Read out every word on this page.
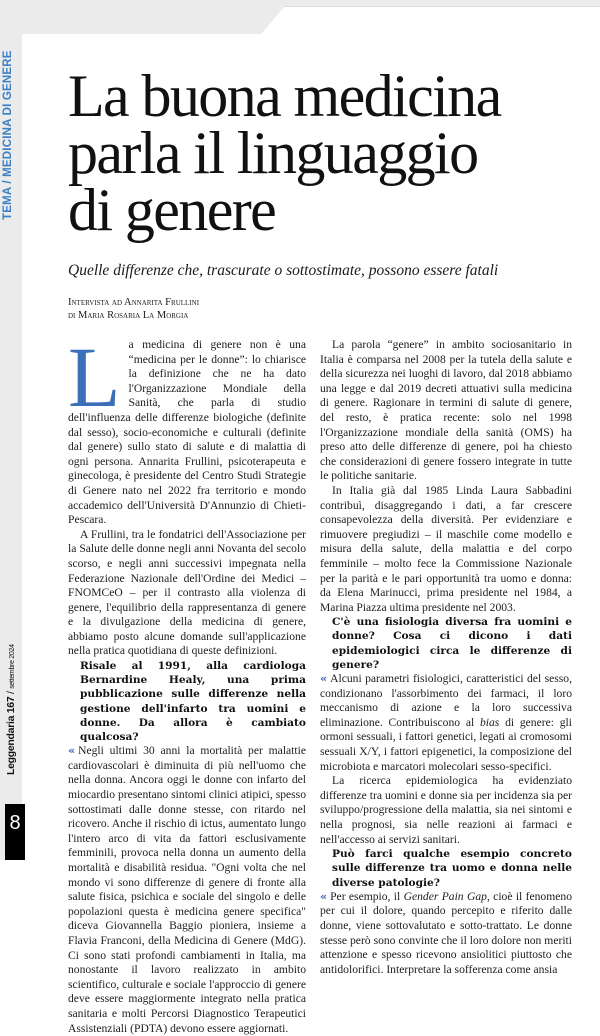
TEMA / MEDICINA DI GENERE
Leggendaria 167 / settembre 2024
8
La buona medicina
parla il linguaggio
di genere

Quelle differenze che, trascurate o sottostimate, possono essere fatali

Intervista ad Annarita Frullini
di Maria Rosaria La Morgia

La medicina di genere non è una “medicina per le donne”: lo chiarisce la definizione che ne ha dato l'Organizzazione Mondiale della Sanità, che parla di studio dell'influenza delle differenze biologiche (definite dal sesso), socio-economiche e culturali (definite dal genere) sullo stato di salute e di malattia di ogni persona. Annarita Frullini, psicoterapeuta e ginecologa, è presidente del Centro Studi Strategie di Genere nato nel 2022 fra territorio e mondo accademico dell'Università D'Annunzio di Chieti-Pescara.

A Frullini, tra le fondatrici dell'Associazione per la Salute delle donne negli anni Novanta del secolo scorso, e negli anni successivi impegnata nella Federazione Nazionale dell'Ordine dei Medici – FNOMCeO – per il contrasto alla violenza di genere, l'equilibrio della rappresentanza di genere e la divulgazione della medicina di genere, abbiamo posto alcune domande sull'applicazione nella pratica quotidiana di queste definizioni.

Risale al 1991, alla cardiologa Bernardine Healy, una prima pubblicazione sulle differenze nella gestione dell'infarto tra uomini e donne. Da allora è cambiato qualcosa?

« Negli ultimi 30 anni la mortalità per malattie cardiovascolari è diminuita di più nell'uomo che nella donna. Ancora oggi le donne con infarto del miocardio presentano sintomi clinici atipici, spesso sottostimati dalle donne stesse, con ritardo nel ricovero. Anche il rischio di ictus, aumentato lungo l'intero arco di vita da fattori esclusivamente femminili, provoca nella donna un aumento della mortalità e disabilità residua. "Ogni volta che nel mondo vi sono differenze di genere di fronte alla salute fisica, psichica e sociale del singolo e delle popolazioni questa è medicina genere specifica" diceva Giovannella Baggio pioniera, insieme a Flavia Franconi, della Medicina di Genere (MdG). Ci sono stati profondi cambiamenti in Italia, ma nonostante il lavoro realizzato in ambito scientifico, culturale e sociale l'approccio di genere deve essere maggiormente integrato nella pratica sanitaria e molti Percorsi Diagnostico Terapeutici Assistenziali (PDTA) devono essere aggiornati.

La parola “genere” in ambito sociosanitario in Italia è comparsa nel 2008 per la tutela della salute e della sicurezza nei luoghi di lavoro, dal 2018 abbiamo una legge e dal 2019 decreti attuativi sulla medicina di genere. Ragionare in termini di salute di genere, del resto, è pratica recente: solo nel 1998 l'Organizzazione mondiale della sanità (OMS) ha preso atto delle differenze di genere, poi ha chiesto che considerazioni di genere fossero integrate in tutte le politiche sanitarie.

In Italia già dal 1985 Linda Laura Sabbadini contribuì, disaggregando i dati, a far crescere consapevolezza della diversità. Per evidenziare e rimuovere pregiudizi – il maschile come modello e misura della salute, della malattia e del corpo femminile – molto fece la Commissione Nazionale per la parità e le pari opportunità tra uomo e donna: da Elena Marinucci, prima presidente nel 1984, a Marina Piazza ultima presidente nel 2003.

C'è una fisiologia diversa fra uomini e donne? Cosa ci dicono i dati epidemiologici circa le differenze di genere?

« Alcuni parametri fisiologici, caratteristici del sesso, condizionano l'assorbimento dei farmaci, il loro meccanismo di azione e la loro successiva eliminazione. Contribuiscono al bias di genere: gli ormoni sessuali, i fattori genetici, legati ai cromosomi sessuali X/Y, i fattori epigenetici, la composizione del microbiota e marcatori molecolari sesso-specifici.

La ricerca epidemiologica ha evidenziato differenze tra uomini e donne sia per incidenza sia per sviluppo/progressione della malattia, sia nei sintomi e nella prognosi, sia nelle reazioni ai farmaci e nell'accesso ai servizi sanitari.

Può farci qualche esempio concreto sulle differenze tra uomo e donna nelle diverse patologie?

« Per esempio, il Gender Pain Gap, cioè il fenomeno per cui il dolore, quando percepito e riferito dalle donne, viene sottovalutato e sotto-trattato. Le donne stesse però sono convinte che il loro dolore non meriti attenzione e spesso ricevono ansiolitici piuttosto che antidolorifici. Interpretare la sofferenza come ansia
